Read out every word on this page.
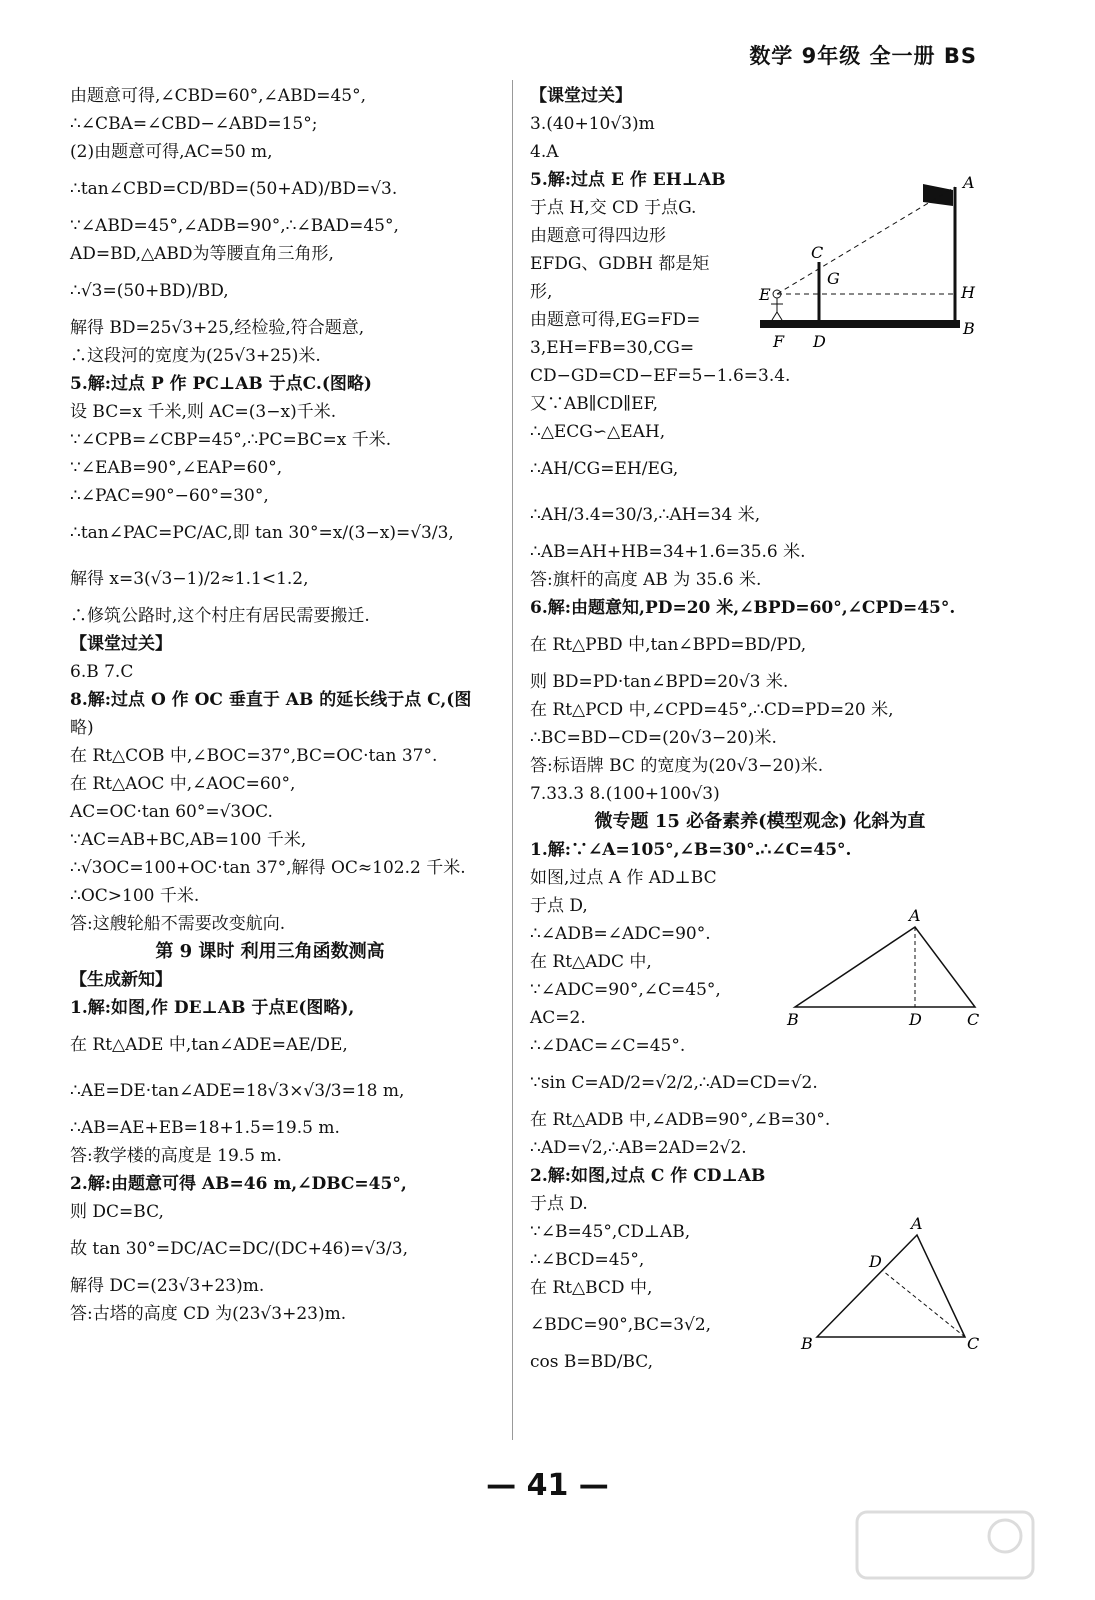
数学 9年级 全一册 BS
由题意可得,∠CBD=60°,∠ABD=45°,
∴∠CBA=∠CBD−∠ABD=15°;
(2)由题意可得,AC=50 m,
∴tan∠CBD=CD/BD=(50+AD)/BD=√3.
∵∠ABD=45°,∠ADB=90°,∴∠BAD=45°,
AD=BD,△ABD为等腰直角三角形,
∴√3=(50+BD)/BD,
解得 BD=25√3+25,经检验,符合题意,
∴这段河的宽度为(25√3+25)米.
5.解:过点 P 作 PC⊥AB 于点C.(图略)
设 BC=x 千米,则 AC=(3−x)千米.
∵∠CPB=∠CBP=45°,∴PC=BC=x 千米.
∵∠EAB=90°,∠EAP=60°,
∴∠PAC=90°−60°=30°,
∴tan∠PAC=PC/AC,即 tan 30°=x/(3−x)=√3/3,
解得 x=3(√3−1)/2≈1.1<1.2,
∴修筑公路时,这个村庄有居民需要搬迁.
【课堂过关】
6.B 7.C
8.解:过点 O 作 OC 垂直于 AB 的延长线于点 C,(图
略)
在 Rt△COB 中,∠BOC=37°,BC=OC·tan 37°.
在 Rt△AOC 中,∠AOC=60°,
AC=OC·tan 60°=√3OC.
∵AC=AB+BC,AB=100 千米,
∴√3OC=100+OC·tan 37°,解得 OC≈102.2 千米.
∴OC>100 千米.
答:这艘轮船不需要改变航向.
第 9 课时 利用三角函数测高
【生成新知】
1.解:如图,作 DE⊥AB 于点E(图略),
在 Rt△ADE 中,tan∠ADE=AE/DE,
∴AE=DE·tan∠ADE=18√3×√3/3=18 m,
∴AB=AE+EB=18+1.5=19.5 m.
答:教学楼的高度是 19.5 m.
2.解:由题意可得 AB=46 m,∠DBC=45°,
则 DC=BC,
故 tan 30°=DC/AC=DC/(DC+46)=√3/3,
解得 DC=(23√3+23)m.
答:古塔的高度 CD 为(23√3+23)m.
【课堂过关】
3.(40+10√3)m
4.A
5.解:过点 E 作 EH⊥AB
于点 H,交 CD 于点G.
由题意可得四边形
EFDG、GDBH 都是矩
形,
由题意可得,EG=FD=
3,EH=FB=30,CG=
CD−GD=CD−EF=5−1.6=3.4.
又∵AB∥CD∥EF,
∴△ECG∽△EAH,
∴AH/CG=EH/EG,
∴AH/3.4=30/3,∴AH=34 米,
∴AB=AH+HB=34+1.6=35.6 米.
答:旗杆的高度 AB 为 35.6 米.
6.解:由题意知,PD=20 米,∠BPD=60°,∠CPD=45°.
在 Rt△PBD 中,tan∠BPD=BD/PD,
则 BD=PD·tan∠BPD=20√3 米.
在 Rt△PCD 中,∠CPD=45°,∴CD=PD=20 米,
∴BC=BD−CD=(20√3−20)米.
答:标语牌 BC 的宽度为(20√3−20)米.
7.33.3 8.(100+100√3)
微专题 15 必备素养(模型观念) 化斜为直
1.解:∵∠A=105°,∠B=30°.∴∠C=45°.
如图,过点 A 作 AD⊥BC
于点 D,
∴∠ADB=∠ADC=90°.
在 Rt△ADC 中,
∵∠ADC=90°,∠C=45°,
AC=2.
∴∠DAC=∠C=45°.
∵sin C=AD/2=√2/2,∴AD=CD=√2.
在 Rt△ADB 中,∠ADB=90°,∠B=30°.
∴AD=√2,∴AB=2AD=2√2.
2.解:如图,过点 C 作 CD⊥AB
于点 D.
∵∠B=45°,CD⊥AB,
∴∠BCD=45°,
在 Rt△BCD 中,
∠BDC=90°,BC=3√2,
cos B=BD/BC,
A
C
G
E	H
F D
B
A
B	D	C
A
D
B	C
— 41 —
